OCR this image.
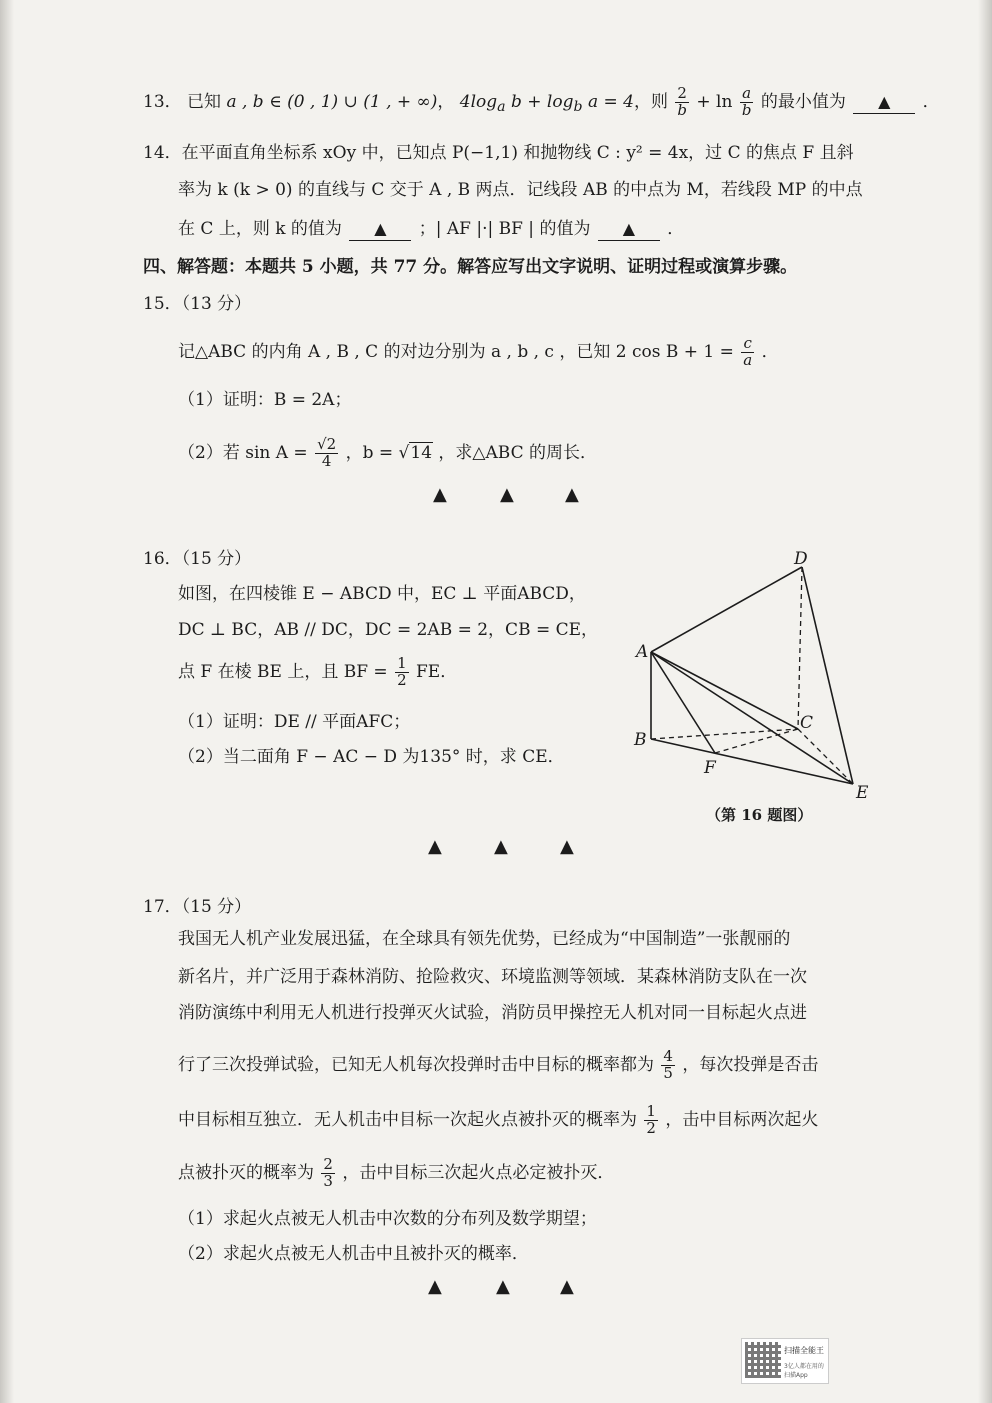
13． 已知 a , b ∈ (0 , 1) ∪ (1 , + ∞)， $4\log_a$ $b + \log_b a = 4$，则 $\frac{2}{b} + \ln \frac{a}{b}$ 的最小值为 ▲ ．
14．在平面直角坐标系 xOy 中，已知点 P(−1,1) 和抛物线 C : y² = 4x，过 C 的焦点 F 且斜
率为 k (k > 0) 的直线与 C 交于 A , B 两点．记线段 AB 的中点为 M，若线段 MP 的中点
在 C 上，则 k 的值为 ▲ ；| AF |·| BF | 的值为 ▲ ．
四、解答题：本题共 5 小题，共 77 分。解答应写出文字说明、证明过程或演算步骤。
15．（13 分）
记△ABC 的内角 A , B , C 的对边分别为 a , b , c ，已知 2 $\cos B + 1 = \frac{c}{a}$ ．
（1）证明：B = 2A；
（2）若 $\sin A = \frac{√2}{4}$ ，b = √14 ，求△ABC 的周长．
▲	▲	▲
16．（15 分）
如图，在四棱锥 E − ABCD 中，EC ⊥ 平面ABCD，
DC ⊥ BC，AB // DC，DC = 2AB = 2，CB = CE，
点 F 在棱 BE 上，且 BF = $\frac{1}{2}$ FE．
（1）证明：DE // 平面AFC；
（2）当二面角 F − AC − D 为135° 时，求 CE．
D
A
C
B
F
E
（第 16 题图）
▲	▲	▲
17．（15 分）
我国无人机产业发展迅猛，在全球具有领先优势，已经成为“中国制造”一张靓丽的
新名片，并广泛用于森林消防、抢险救灾、环境监测等领域．某森林消防支队在一次
消防演练中利用无人机进行投弹灭火试验，消防员甲操控无人机对同一目标起火点进
行了三次投弹试验，已知无人机每次投弹时击中目标的概率都为 $\frac{4}{5}$ ，每次投弹是否击
中目标相互独立．无人机击中目标一次起火点被扑灭的概率为 $\frac{1}{2}$ ，击中目标两次起火
点被扑灭的概率为 $\frac{2}{3}$ ，击中目标三次起火点必定被扑灭．
（1）求起火点被无人机击中次数的分布列及数学期望；
（2）求起火点被无人机击中且被扑灭的概率．
▲	▲	▲
扫描全能王
3亿人都在用的扫描App
